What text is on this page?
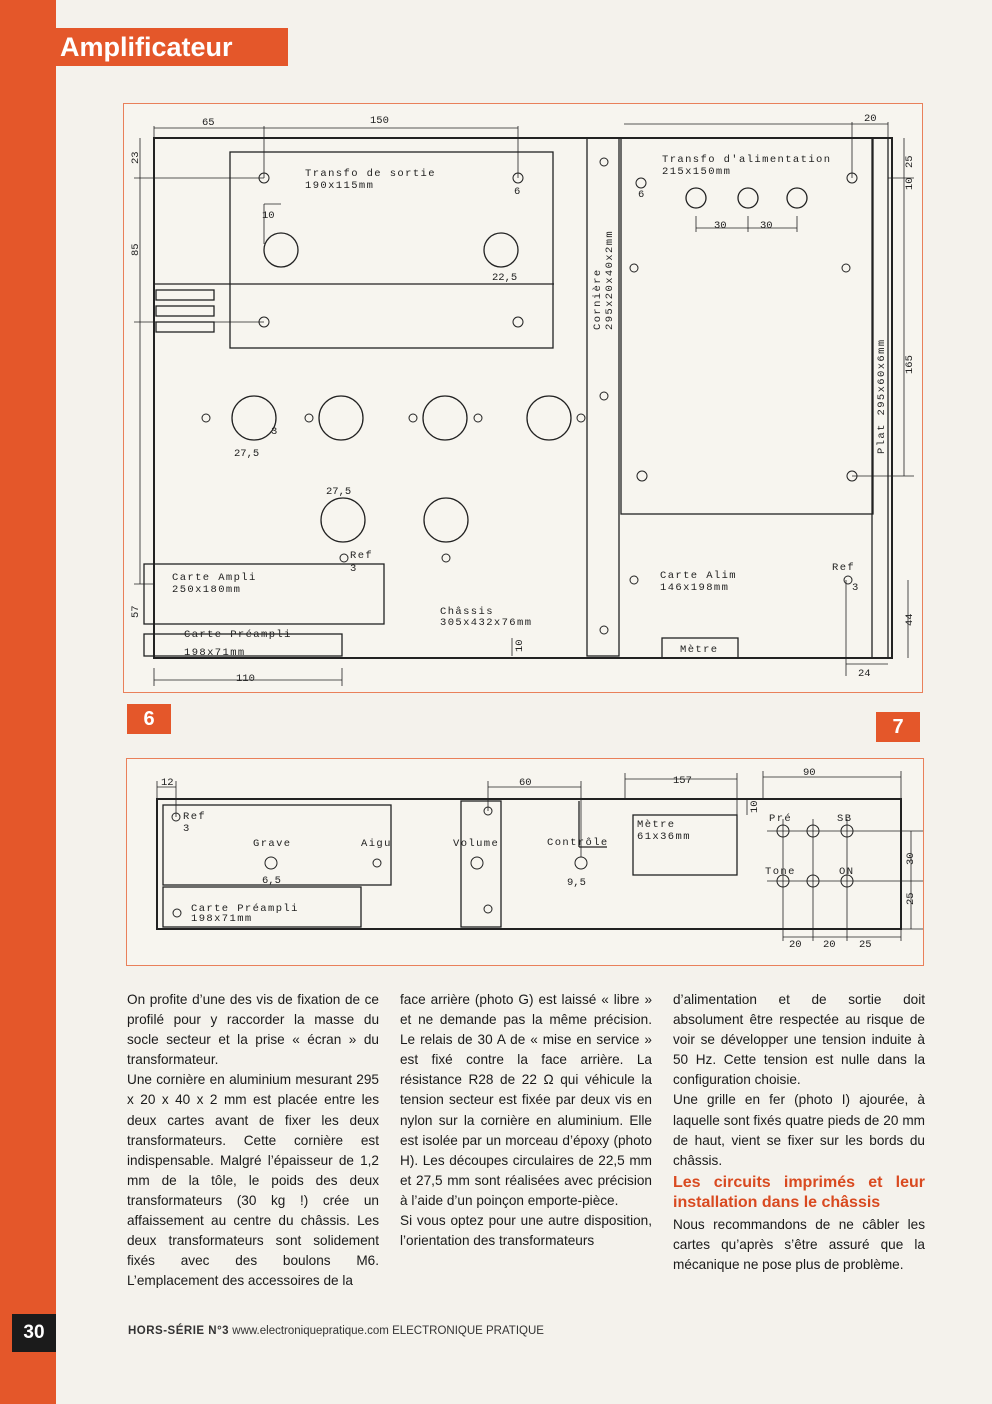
Amplificateur
65	150	20
10
6
22,5
3
27,5
27,5
6
30	30
110	24
3
23
85
57
25
10
165
44
10
Transfo de sortie
190x115mm
Transfo d'alimentation
215x150mm
Cornière 295x20x40x2mm
Plat 295x60x6mm
Carte Ampli
250x180mm
Carte Préampli
198x71mm
Châssis
305x432x76mm
Carte Alim
146x198mm
Ref
3	Ref
Mètre
6	7
12	60	157
90
20 20 25
6,5	9,5
3
10
30
25
Ref
Grave	Aigu	Volume	Contrôle
Pré	SB
Tone	ON
Mètre
61x36mm
Carte Préampli
198x71mm

On profite d’une des vis de fixation de ce profilé pour y raccorder la masse du socle secteur et la prise « écran » du transformateur.

Une cornière en aluminium mesurant 295 x 20 x 40 x 2 mm est placée entre les deux cartes avant de fixer les deux transformateurs. Cette cornière est indispensable. Malgré l’épaisseur de 1,2 mm de la tôle, le poids des deux transformateurs (30 kg !) crée un affaissement au centre du châssis. Les deux transformateurs sont solidement fixés avec des boulons M6. L’emplacement des accessoires de la

face arrière (photo G) est laissé « libre » et ne demande pas la même précision. Le relais de 30 A de « mise en service » est fixé contre la face arrière. La résistance R28 de 22 Ω qui véhicule la tension secteur est fixée par deux vis en nylon sur la cornière en aluminium. Elle est isolée par un morceau d’époxy (photo H). Les découpes circulaires de 22,5 mm et 27,5 mm sont réalisées avec précision à l’aide d’un poinçon emporte-pièce.

Si vous optez pour une autre disposition, l’orientation des transformateurs

d’alimentation et de sortie doit absolument être respectée au risque de voir se développer une tension induite à 50 Hz. Cette tension est nulle dans la configuration choisie.

Une grille en fer (photo I) ajourée, à laquelle sont fixés quatre pieds de 20 mm de haut, vient se fixer sur les bords du châssis.

Les circuits imprimés et leur installation dans le châssis

Nous recommandons de ne câbler les cartes qu’après s’être assuré que la mécanique ne pose plus de problème.

30	HORS-SÉRIE N°3 www.electroniquepratique.com ELECTRONIQUE PRATIQUE
